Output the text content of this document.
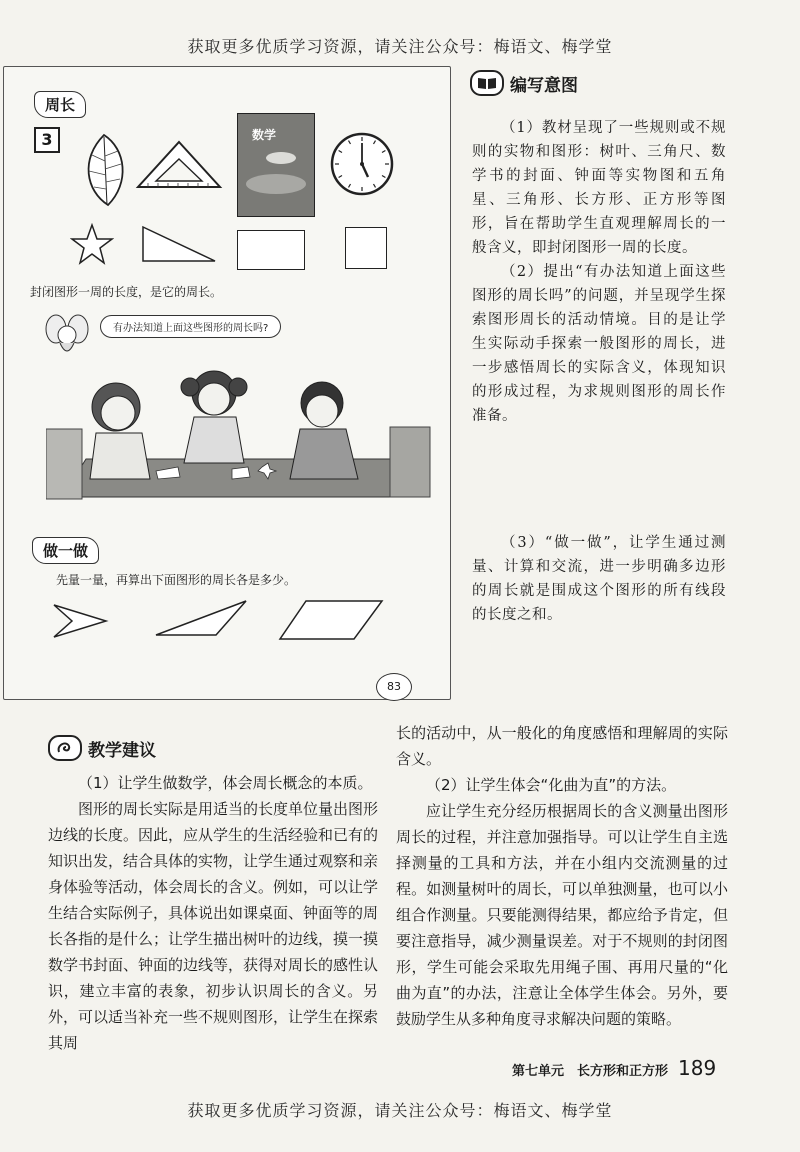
获取更多优质学习资源，请关注公众号：梅语文、梅学堂
周长
3	数学
封闭图形一周的长度，是它的周长。
有办法知道上面这些图形的周长吗?
做一做
先量一量，再算出下面图形的周长各是多少。
83
编写意图

（1）教材呈现了一些规则或不规则的实物和图形：树叶、三角尺、数学书的封面、钟面等实物图和五角星、三角形、长方形、正方形等图形，旨在帮助学生直观理解周长的一般含义，即封闭图形一周的长度。

（2）提出“有办法知道上面这些图形的周长吗”的问题，并呈现学生探索图形周长的活动情境。目的是让学生实际动手探索一般图形的周长，进一步感悟周长的实际含义，体现知识的形成过程，为求规则图形的周长作准备。

（3）“做一做”，让学生通过测量、计算和交流，进一步明确多边形的周长就是围成这个图形的所有线段的长度之和。

教学建议

（1）让学生做数学，体会周长概念的本质。

图形的周长实际是用适当的长度单位量出图形边线的长度。因此，应从学生的生活经验和已有的知识出发，结合具体的实物，让学生通过观察和亲身体验等活动，体会周长的含义。例如，可以让学生结合实际例子，具体说出如课桌面、钟面等的周长各指的是什么；让学生描出树叶的边线，摸一摸数学书封面、钟面的边线等，获得对周长的感性认识，建立丰富的表象，初步认识周长的含义。另外，可以适当补充一些不规则图形，让学生在探索其周

长的活动中，从一般化的角度感悟和理解周的实际含义。

（2）让学生体会“化曲为直”的方法。

应让学生充分经历根据周长的含义测量出图形周长的过程，并注意加强指导。可以让学生自主选择测量的工具和方法，并在小组内交流测量的过程。如测量树叶的周长，可以单独测量，也可以小组合作测量。只要能测得结果，都应给予肯定，但要注意指导，减少测量误差。对于不规则的封闭图形，学生可能会采取先用绳子围、再用尺量的“化曲为直”的办法，注意让全体学生体会。另外，要鼓励学生从多种角度寻求解决问题的策略。

第七单元　长方形和正方形 189
获取更多优质学习资源，请关注公众号：梅语文、梅学堂
